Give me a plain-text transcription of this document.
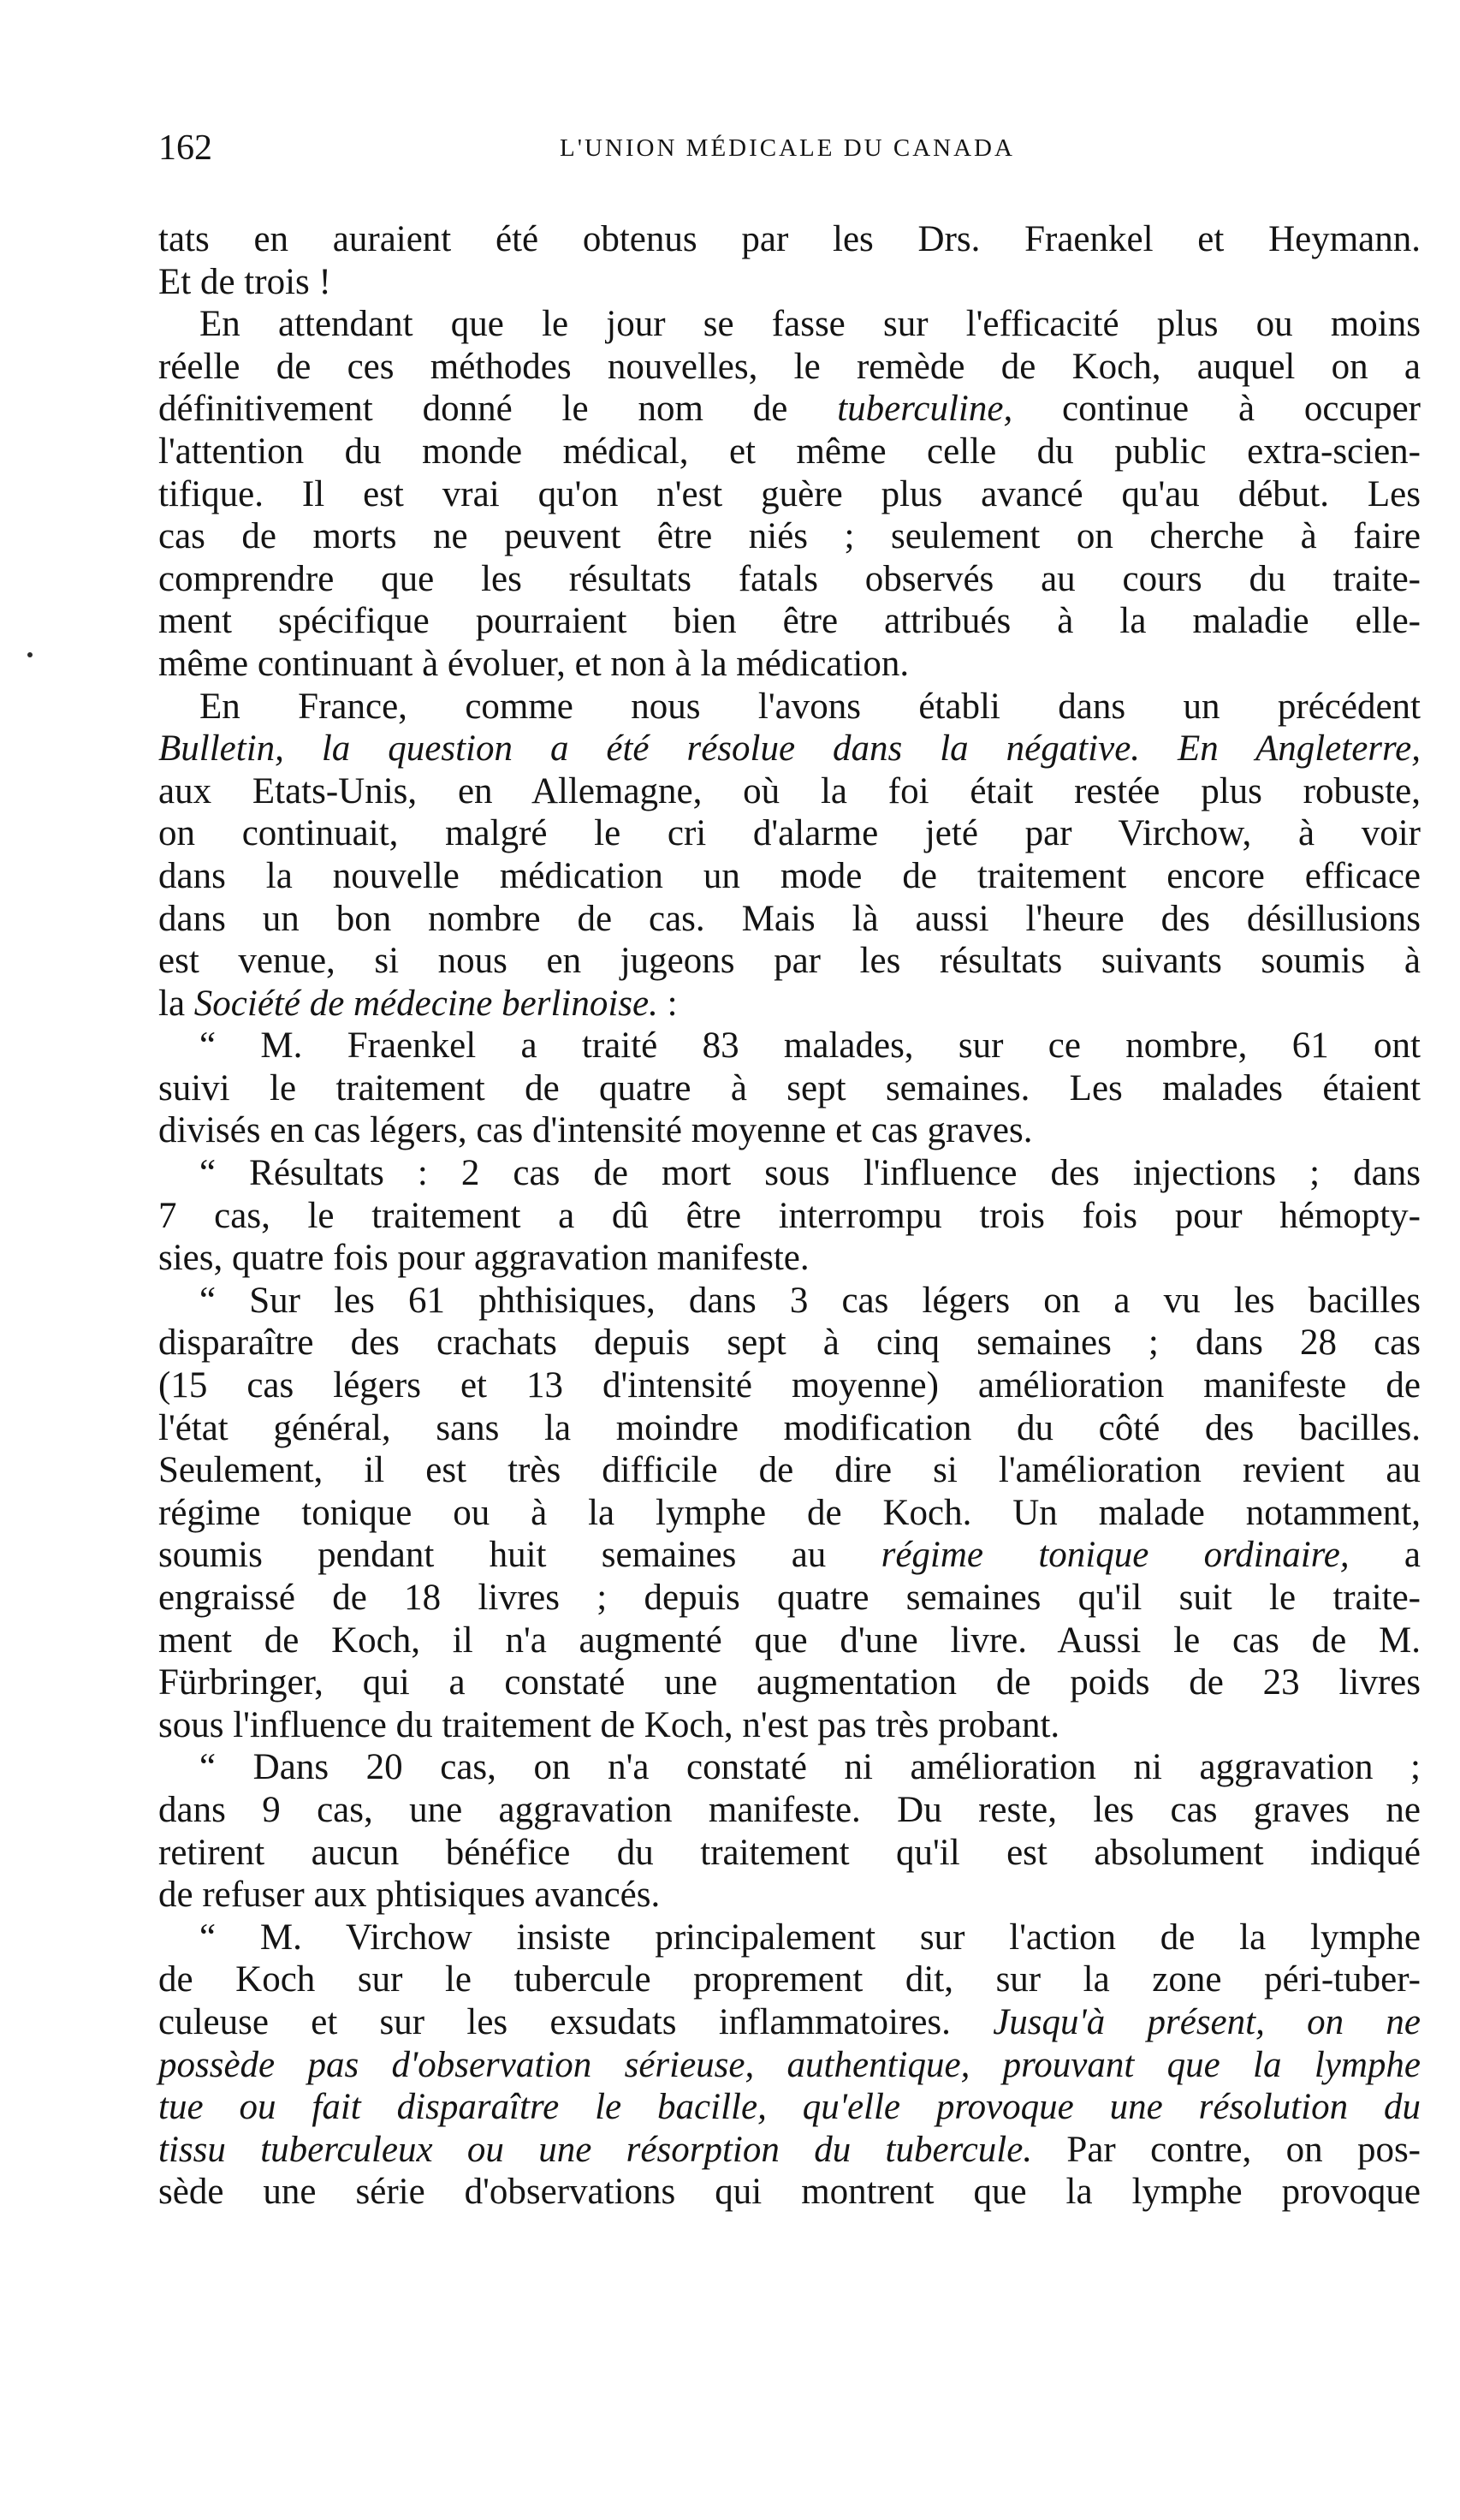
162	L'UNION MÉDICALE DU CANADA
tats en auraient été obtenus par les Drs. Fraenkel et Heymann.
Et de trois !
En attendant que le jour se fasse sur l'efficacité plus ou moins
réelle de ces méthodes nouvelles, le remède de Koch, auquel on a
définitivement donné le nom de tuberculine, continue à occuper
l'attention du monde médical, et même celle du public extra-scien-
tifique. Il est vrai qu'on n'est guère plus avancé qu'au début. Les
cas de morts ne peuvent être niés ; seulement on cherche à faire
comprendre que les résultats fatals observés au cours du traite-
ment spécifique pourraient bien être attribués à la maladie elle-
même continuant à évoluer, et non à la médication.
En France, comme nous l'avons établi dans un précédent
Bulletin, la question a été résolue dans la négative. En Angleterre,
aux Etats-Unis, en Allemagne, où la foi était restée plus robuste,
on continuait, malgré le cri d'alarme jeté par Virchow, à voir
dans la nouvelle médication un mode de traitement encore efficace
dans un bon nombre de cas. Mais là aussi l'heure des désillusions
est venue, si nous en jugeons par les résultats suivants soumis à
la Société de médecine berlinoise. :
“ M. Fraenkel a traité 83 malades, sur ce nombre, 61 ont
suivi le traitement de quatre à sept semaines. Les malades étaient
divisés en cas légers, cas d'intensité moyenne et cas graves.
“ Résultats : 2 cas de mort sous l'influence des injections ; dans
7 cas, le traitement a dû être interrompu trois fois pour hémopty-
sies, quatre fois pour aggravation manifeste.
“ Sur les 61 phthisiques, dans 3 cas légers on a vu les bacilles
disparaître des crachats depuis sept à cinq semaines ; dans 28 cas
(15 cas légers et 13 d'intensité moyenne) amélioration manifeste de
l'état général, sans la moindre modification du côté des bacilles.
Seulement, il est très difficile de dire si l'amélioration revient au
régime tonique ou à la lymphe de Koch. Un malade notamment,
soumis pendant huit semaines au régime tonique ordinaire, a
engraissé de 18 livres ; depuis quatre semaines qu'il suit le traite-
ment de Koch, il n'a augmenté que d'une livre. Aussi le cas de M.
Fürbringer, qui a constaté une augmentation de poids de 23 livres
sous l'influence du traitement de Koch, n'est pas très probant.
“ Dans 20 cas, on n'a constaté ni amélioration ni aggravation ;
dans 9 cas, une aggravation manifeste. Du reste, les cas graves ne
retirent aucun bénéfice du traitement qu'il est absolument indiqué
de refuser aux phtisiques avancés.
“ M. Virchow insiste principalement sur l'action de la lymphe
de Koch sur le tubercule proprement dit, sur la zone péri-tuber-
culeuse et sur les exsudats inflammatoires. Jusqu'à présent, on ne
possède pas d'observation sérieuse, authentique, prouvant que la lymphe
tue ou fait disparaître le bacille, qu'elle provoque une résolution du
tissu tuberculeux ou une résorption du tubercule. Par contre, on pos-
sède une série d'observations qui montrent que la lymphe provoque
